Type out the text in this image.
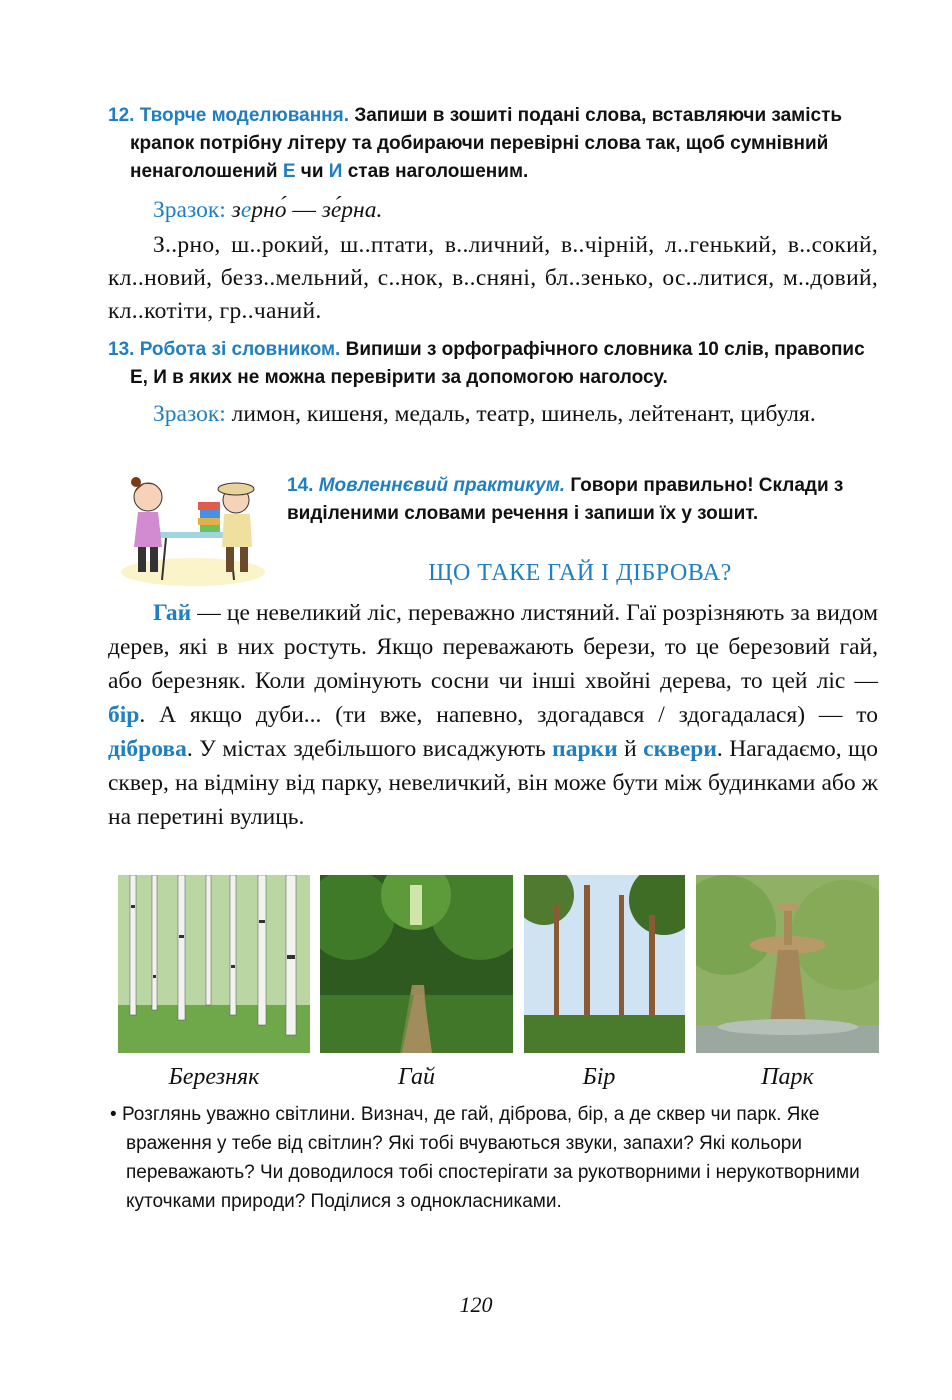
12. Творче моделювання. Запиши в зошиті подані слова, вставляючи замість крапок потрібну літеру та добираючи перевірні слова так, щоб сумнівний ненаголошений Е чи И став наголошеним.
Зразок: зерно́ — зе́рна.
З..рно, ш..рокий, ш..птати, в..личний, в..чірній, л..генький, в..сокий, кл..новий, безз..мельний, с..нок, в..сняні, бл..зенько, ос..литися, м..довий, кл..котіти, гр..чаний.
13. Робота зі словником. Випиши з орфографічного словника 10 слів, правопис Е, И в яких не можна перевірити за допомогою наголосу.
Зразок: лимон, кишеня, медаль, театр, шинель, лейтенант, цибуля.
14. Мовленнєвий практикум. Говори правильно! Склади з виділеними словами речення і запиши їх у зошит.
ЩО ТАКЕ ГАЙ І ДІБРОВА?
Гай — це невеликий ліс, переважно листяний. Гаї розрізняють за видом дерев, які в них ростуть. Якщо переважають берези, то це березовий гай, або березняк. Коли домінують сосни чи інші хвойні дерева, то цей ліс — бір. А якщо дуби... (ти вже, напевно, здогадався / здогадалася) — то діброва. У містах здебільшого висаджують парки й сквери. Нагадаємо, що сквер, на відміну від парку, невеличкий, він може бути між будинками або ж на перетині вулиць.
Березняк	Гай	Бір	Парк
• Розглянь уважно світлини. Визнач, де гай, діброва, бір, а де сквер чи парк. Яке враження у тебе від світлин? Які тобі вчуваються звуки, запахи? Які кольори переважають? Чи доводилося тобі спостерігати за рукотворними і нерукотворними куточками природи? Поділися з однокласниками.
120
